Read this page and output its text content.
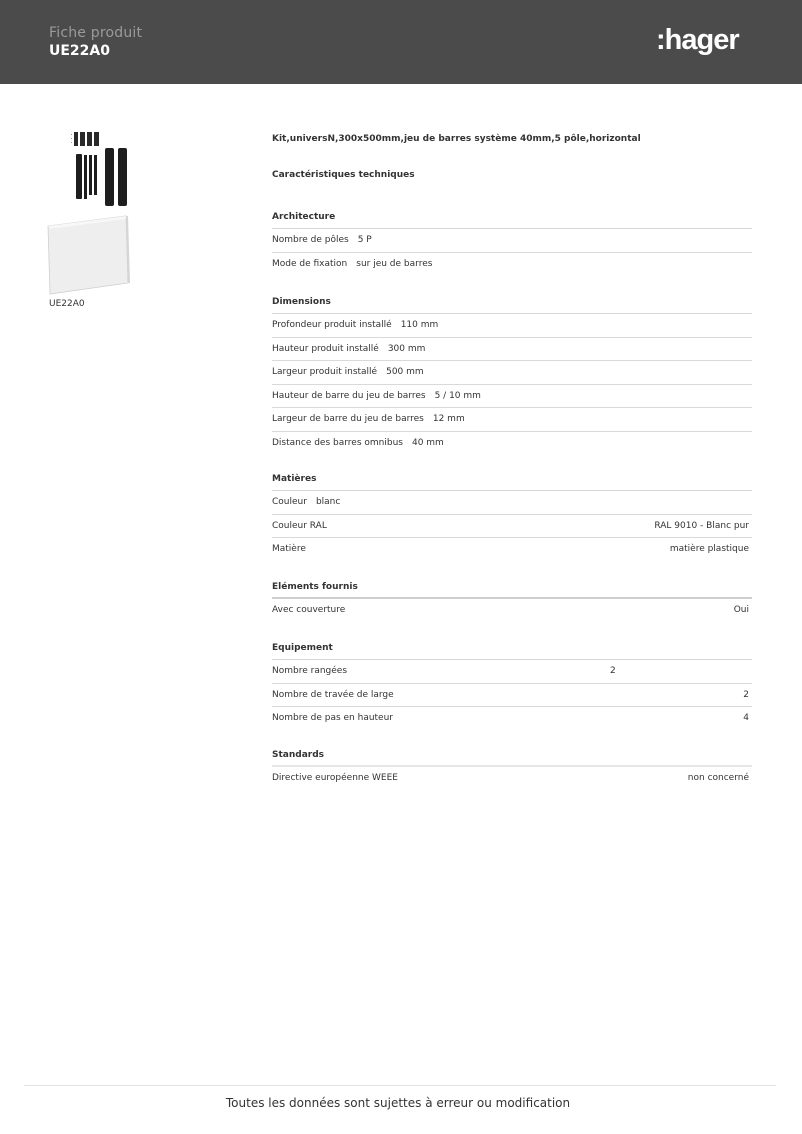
Fiche produit
UE22A0	:hager
UE22A0
Kit,universN,300x500mm,jeu de barres système 40mm,5 pôle,horizontal
Caractéristiques techniques
Architecture
Nombre de pôles 5 P
Mode de fixation sur jeu de barres
Dimensions
Profondeur produit installé 110 mm
Hauteur produit installé 300 mm
Largeur produit installé 500 mm
Hauteur de barre du jeu de barres 5 / 10 mm
Largeur de barre du jeu de barres 12 mm
Distance des barres omnibus 40 mm
Matières
Couleur blanc
Couleur RAL	RAL 9010 - Blanc pur
Matière	matière plastique
Eléments fournis
Avec couverture	Oui
Equipement
Nombre rangées	2
Nombre de travée de large	2
Nombre de pas en hauteur	4
Standards
Directive européenne WEEE	non concerné
Toutes les données sont sujettes à erreur ou modification
